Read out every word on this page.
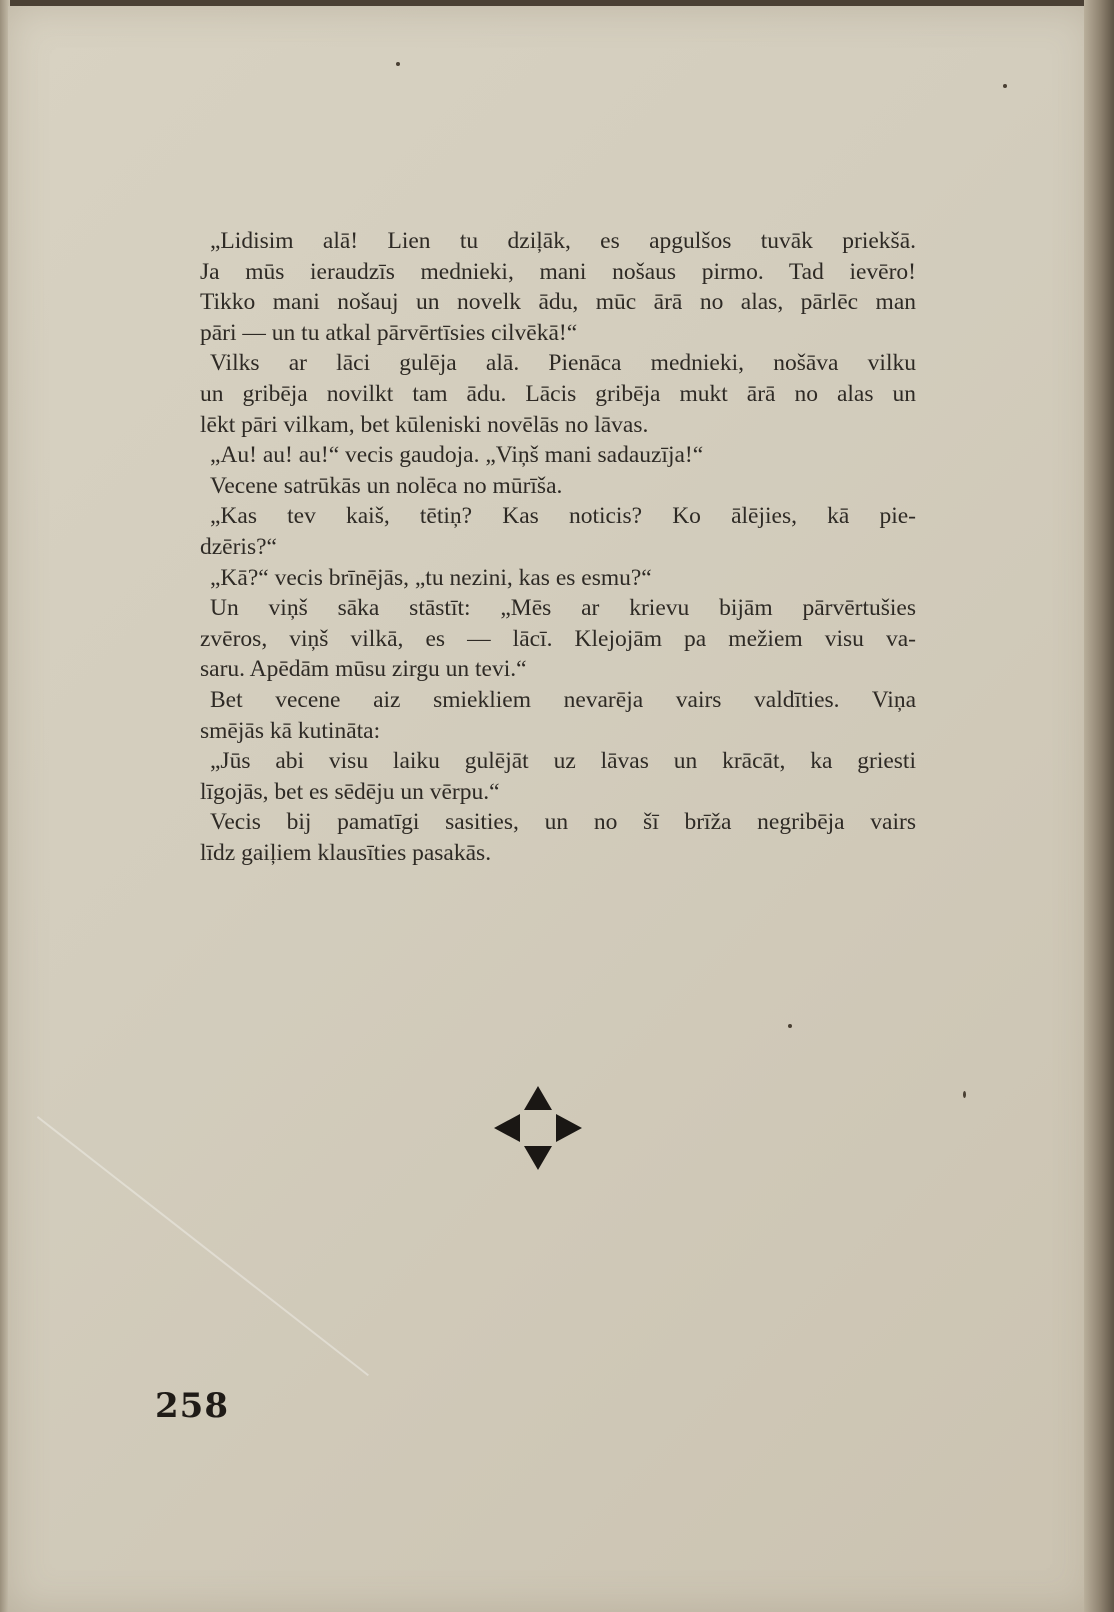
„Lidisim alā! Lien tu dziļāk, es apgulšos tuvāk priekšā.
Ja mūs ieraudzīs mednieki, mani nošaus pirmo. Tad ievēro!
Tikko mani nošauj un novelk ādu, mūc ārā no alas, pārlēc man
pāri — un tu atkal pārvērtīsies cilvēkā!“

Vilks ar lāci gulēja alā. Pienāca mednieki, nošāva vilku
un gribēja novilkt tam ādu. Lācis gribēja mukt ārā no alas un
lēkt pāri vilkam, bet kūleniski novēlās no lāvas.

„Au! au! au!“ vecis gaudoja. „Viņš mani sadauzīja!“

Vecene satrūkās un nolēca no mūrīša.

„Kas tev kaiš, tētiņ? Kas noticis? Ko ālējies, kā pie-
dzēris?“

„Kā?“ vecis brīnējās, „tu nezini, kas es esmu?“

Un viņš sāka stāstīt: „Mēs ar krievu bijām pārvērtušies
zvēros, viņš vilkā, es — lācī. Klejojām pa mežiem visu va-
saru. Apēdām mūsu zirgu un tevi.“

Bet vecene aiz smiekliem nevarēja vairs valdīties. Viņa
smējās kā kutināta:

„Jūs abi visu laiku gulējāt uz lāvas un krācāt, ka griesti
līgojās, bet es sēdēju un vērpu.“

Vecis bij pamatīgi sasities, un no šī brīža negribēja vairs
līdz gaiļiem klausīties pasakās.

258
